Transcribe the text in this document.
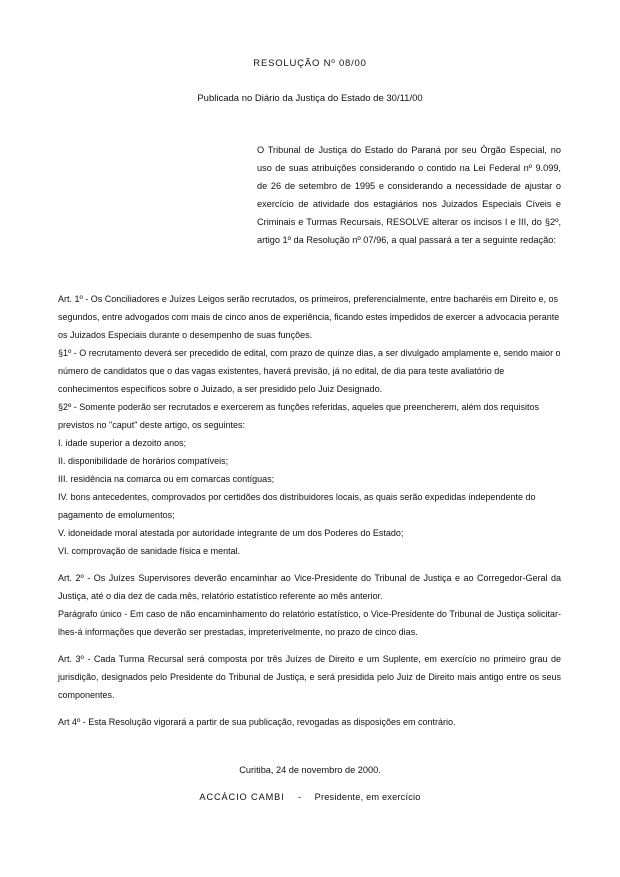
RESOLUÇÃO Nº 08/00
Publicada no Diário da Justiça do Estado de 30/11/00
O Tribunal de Justiça do Estado do Paraná por seu Órgão Especial, no uso de suas atribuições considerando o contido na Lei Federal nº 9.099, de 26 de setembro de 1995 e considerando a necessidade de ajustar o exercício de atividade dos estagiários nos Juizados Especiais Cíveis e Criminais e Turmas Recursais, RESOLVE alterar os incisos I e III, do §2º, artigo 1º da Resolução nº 07/96, a qual passará a ter a seguinte redação:

Art. 1º - Os Conciliadores e Juízes Leigos serão recrutados, os primeiros, preferencialmente, entre bacharéis em Direito e, os segundos, entre advogados com mais de cinco anos de experiência, ficando estes impedidos de exercer a advocacia perante os Juizados Especiais durante o desempenho de suas funções.

§1º - O recrutamento deverá ser precedido de edital, com prazo de quinze dias, a ser divulgado amplamente e, sendo maior o número de candidatos que o das vagas existentes, haverá previsão, já no edital, de dia para teste avaliatório de conhecimentos específicos sobre o Juizado, a ser presidido pelo Juiz Designado.

§2º - Somente poderão ser recrutados e exercerem as funções referidas, aqueles que preencherem, além dos requisitos previstos no "caput" deste artigo, os seguintes:

I. idade superior a dezoito anos;

II. disponibilidade de horários compatíveis;

III. residência na comarca ou em comarcas contíguas;

IV. bons antecedentes, comprovados por certidões dos distribuidores locais, as quais serão expedidas independente do pagamento de emolumentos;

V. idoneidade moral atestada por autoridade integrante de um dos Poderes do Estado;

VI. comprovação de sanidade física e mental.

Art. 2º - Os Juízes Supervisores deverão encaminhar ao Vice-Presidente do Tribunal de Justiça e ao Corregedor-Geral da Justiça, até o dia dez de cada mês, relatório estatístico referente ao mês anterior.

Parágrafo único - Em caso de não encaminhamento do relatório estatístico, o Vice-Presidente do Tribunal de Justiça solicitar-lhes-á informações que deverão ser prestadas, impreterivelmente, no prazo de cinco dias.

Art. 3º - Cada Turma Recursal será composta por três Juízes de Direito e um Suplente, em exercício no primeiro grau de jurisdição, designados pelo Presidente do Tribunal de Justiça, e será presidida pelo Juiz de Direito mais antigo entre os seus componentes.

Art 4º - Esta Resolução vigorará a partir de sua publicação, revogadas as disposições em contrário.

Curitiba, 24 de novembro de 2000.
ACCÁCIO CAMBI - Presidente, em exercício
